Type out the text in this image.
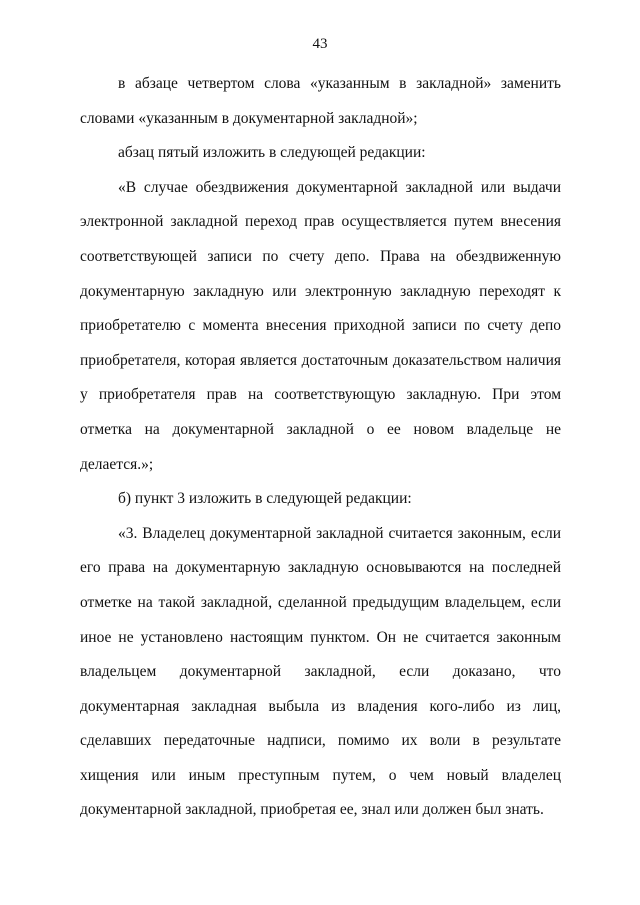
43

в абзаце четвертом слова «указанным в закладной» заменить словами «указанным в документарной закладной»;

абзац пятый изложить в следующей редакции:

«В случае обездвижения документарной закладной или выдачи электронной закладной переход прав осуществляется путем внесения соответствующей записи по счету депо. Права на обездвиженную документарную закладную или электронную закладную переходят к приобретателю с момента внесения приходной записи по счету депо приобретателя, которая является достаточным доказательством наличия у приобретателя прав на соответствующую закладную. При этом отметка на документарной закладной о ее новом владельце не делается.»;

б) пункт 3 изложить в следующей редакции:

«3. Владелец документарной закладной считается законным, если его права на документарную закладную основываются на последней отметке на такой закладной, сделанной предыдущим владельцем, если иное не установлено настоящим пунктом. Он не считается законным владельцем документарной закладной, если доказано, что документарная закладная выбыла из владения кого-либо из лиц, сделавших передаточные надписи, помимо их воли в результате хищения или иным преступным путем, о чем новый владелец документарной закладной, приобретая ее, знал или должен был знать.
